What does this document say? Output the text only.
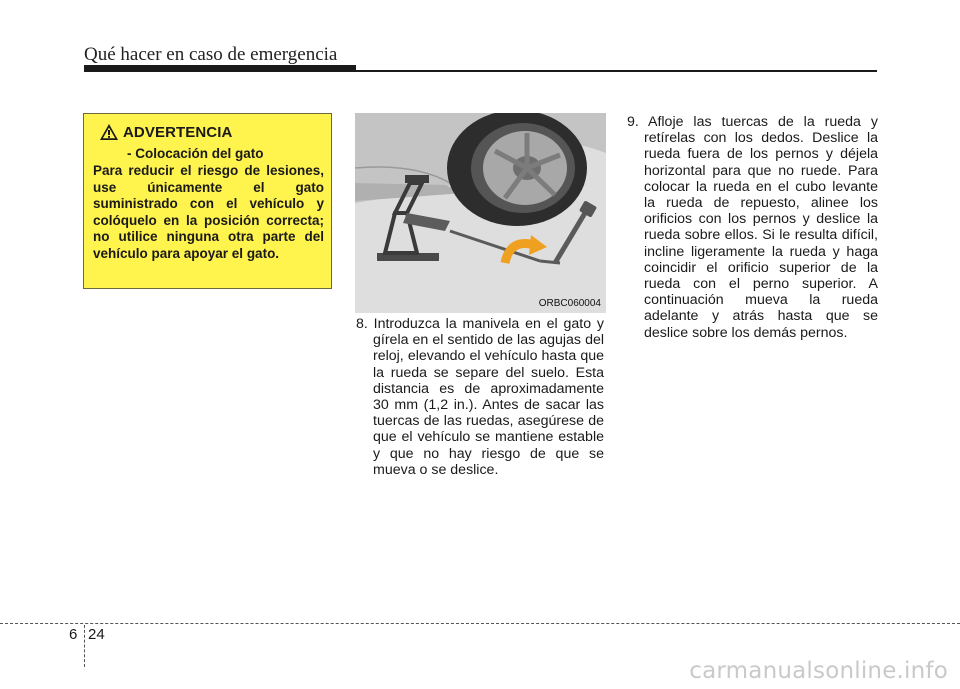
Qué hacer en caso de emergencia
ADVERTENCIA
- Colocación del gato
Para reducir el riesgo de lesiones, use únicamente el gato suministrado con el vehículo y colóquelo en la posición correcta; no utilice ninguna otra parte del vehículo para apoyar el gato.
ORBC060004
8. Introduzca la manivela en el gato y gírela en el sentido de las agujas del reloj, elevando el vehículo hasta que la rueda se separe del suelo. Esta distancia es de aproximadamente 30 mm (1,2 in.). Antes de sacar las tuercas de las ruedas, asegúrese de que el vehículo se mantiene estable y que no hay riesgo de que se mueva o se deslice.
9. Afloje las tuercas de la rueda y retírelas con los dedos. Deslice la rueda fuera de los pernos y déjela horizontal para que no ruede. Para colocar la rueda en el cubo levante la rueda de repuesto, alinee los orificios con los pernos y deslice la rueda sobre ellos. Si le resulta difícil, incline ligeramente la rueda y haga coincidir el orificio superior de la rueda con el perno superior. A continuación mueva la rueda adelante y atrás hasta que se deslice sobre los demás pernos.
6 24
carmanualsonline.info
